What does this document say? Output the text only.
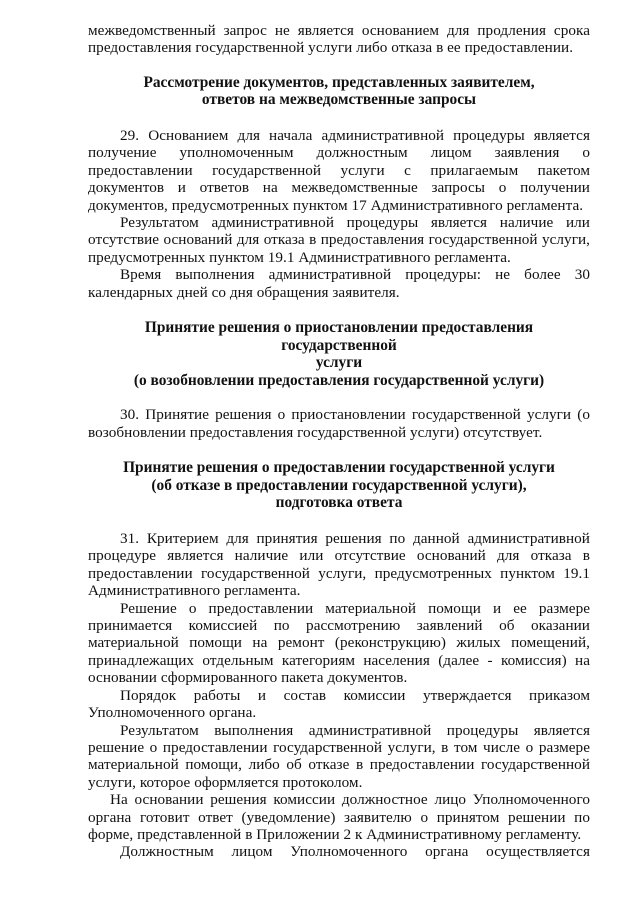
межведомственный запрос не является основанием для продления срока предоставления государственной услуги либо отказа в ее предоставлении.

Рассмотрение документов, представленных заявителем,
ответов на межведомственные запросы

29. Основанием для начала административной процедуры является получение уполномоченным должностным лицом заявления о предоставлении государственной услуги с прилагаемым пакетом документов и ответов на межведомственные запросы о получении документов, предусмотренных пунктом 17 Административного регламента.

Результатом административной процедуры является наличие или отсутствие оснований для отказа в предоставления государственной услуги, предусмотренных пунктом 19.1 Административного регламента.

Время выполнения административной процедуры: не более 30 календарных дней со дня обращения заявителя.

Принятие решения о приостановлении предоставления государственной
услуги
(о возобновлении предоставления государственной услуги)

30. Принятие решения о приостановлении государственной услуги (о возобновлении предоставления государственной услуги) отсутствует.

Принятие решения о предоставлении государственной услуги
(об отказе в предоставлении государственной услуги),
подготовка ответа

31. Критерием для принятия решения по данной административной процедуре является наличие или отсутствие оснований для отказа в предоставлении государственной услуги, предусмотренных пунктом 19.1 Административного регламента.

Решение о предоставлении материальной помощи и ее размере принимается комиссией по рассмотрению заявлений об оказании материальной помощи на ремонт (реконструкцию) жилых помещений, принадлежащих отдельным категориям населения (далее - комиссия) на основании сформированного пакета документов.

Порядок работы и состав комиссии утверждается приказом Уполномоченного органа.

Результатом выполнения административной процедуры является решение о предоставлении государственной услуги, в том числе о размере материальной помощи, либо об отказе в предоставлении государственной услуги, которое оформляется протоколом.

На основании решения комиссии должностное лицо Уполномоченного органа готовит ответ (уведомление) заявителю о принятом решении по форме, представленной в Приложении 2 к Административному регламенту.

Должностным лицом Уполномоченного органа осуществляется
